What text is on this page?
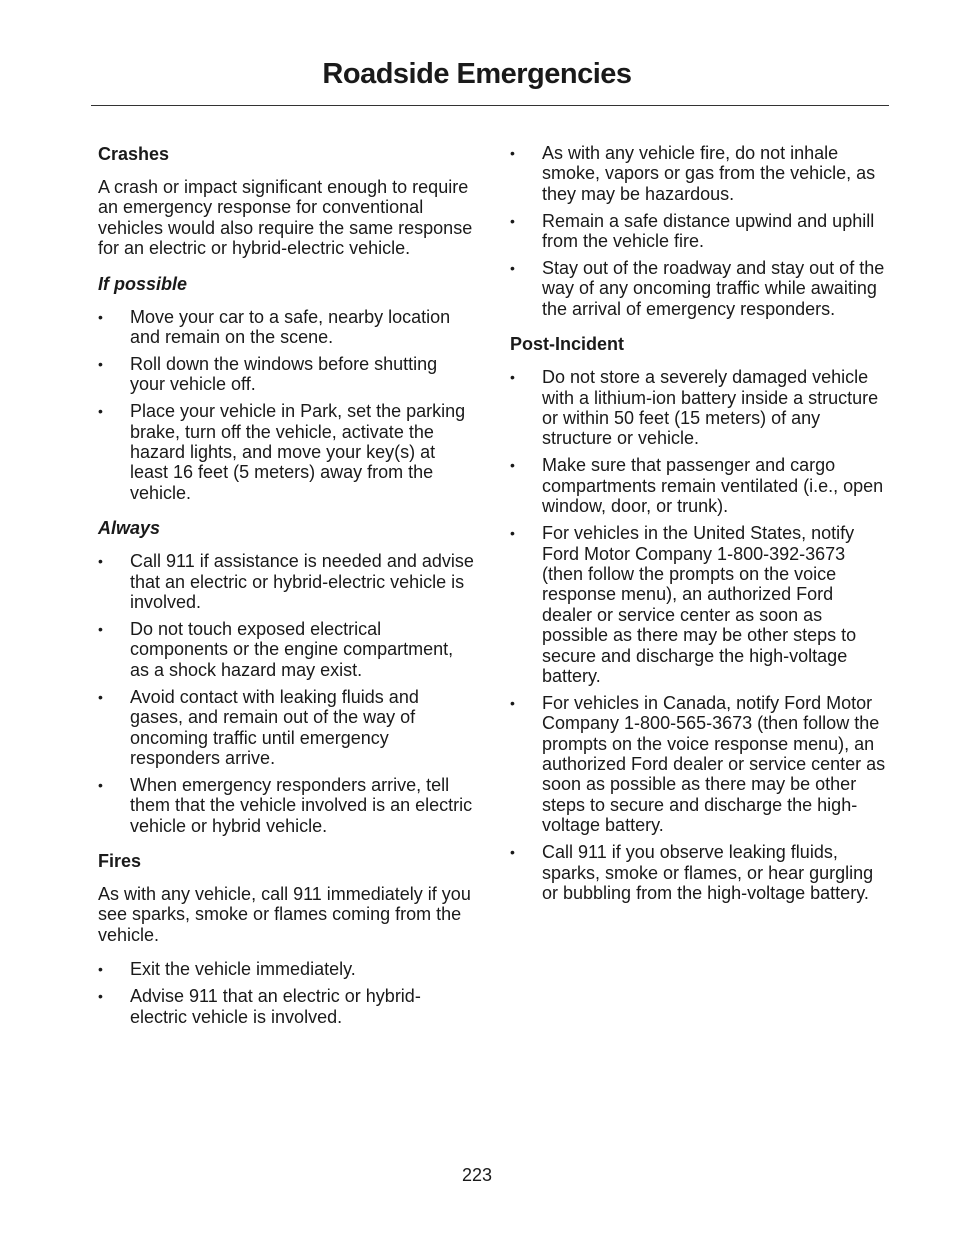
Roadside Emergencies
Crashes

A crash or impact significant enough to require an emergency response for conventional vehicles would also require the same response for an electric or hybrid-electric vehicle.

If possible
• Move your car to a safe, nearby location and remain on the scene.
• Roll down the windows before shutting your vehicle off.
• Place your vehicle in Park, set the parking brake, turn off the vehicle, activate the hazard lights, and move your key(s) at least 16 feet (5 meters) away from the vehicle.
Always
• Call 911 if assistance is needed and advise that an electric or hybrid-electric vehicle is involved.
• Do not touch exposed electrical components or the engine compartment, as a shock hazard may exist.
• Avoid contact with leaking fluids and gases, and remain out of the way of oncoming traffic until emergency responders arrive.
• When emergency responders arrive, tell them that the vehicle involved is an electric vehicle or hybrid vehicle.
Fires

As with any vehicle, call 911 immediately if you see sparks, smoke or flames coming from the vehicle.

• Exit the vehicle immediately.
• Advise 911 that an electric or hybrid-electric vehicle is involved.
• As with any vehicle fire, do not inhale smoke, vapors or gas from the vehicle, as they may be hazardous.
• Remain a safe distance upwind and uphill from the vehicle fire.
• Stay out of the roadway and stay out of the way of any oncoming traffic while awaiting the arrival of emergency responders.
Post-Incident
• Do not store a severely damaged vehicle with a lithium-ion battery inside a structure or within 50 feet (15 meters) of any structure or vehicle.
• Make sure that passenger and cargo compartments remain ventilated (i.e., open window, door, or trunk).
• For vehicles in the United States, notify Ford Motor Company 1-800-392-3673 (then follow the prompts on the voice response menu), an authorized Ford dealer or service center as soon as possible as there may be other steps to secure and discharge the high-voltage battery.
• For vehicles in Canada, notify Ford Motor Company 1-800-565-3673 (then follow the prompts on the voice response menu), an authorized Ford dealer or service center as soon as possible as there may be other steps to secure and discharge the high-voltage battery.
• Call 911 if you observe leaking fluids, sparks, smoke or flames, or hear gurgling or bubbling from the high-voltage battery.
223
